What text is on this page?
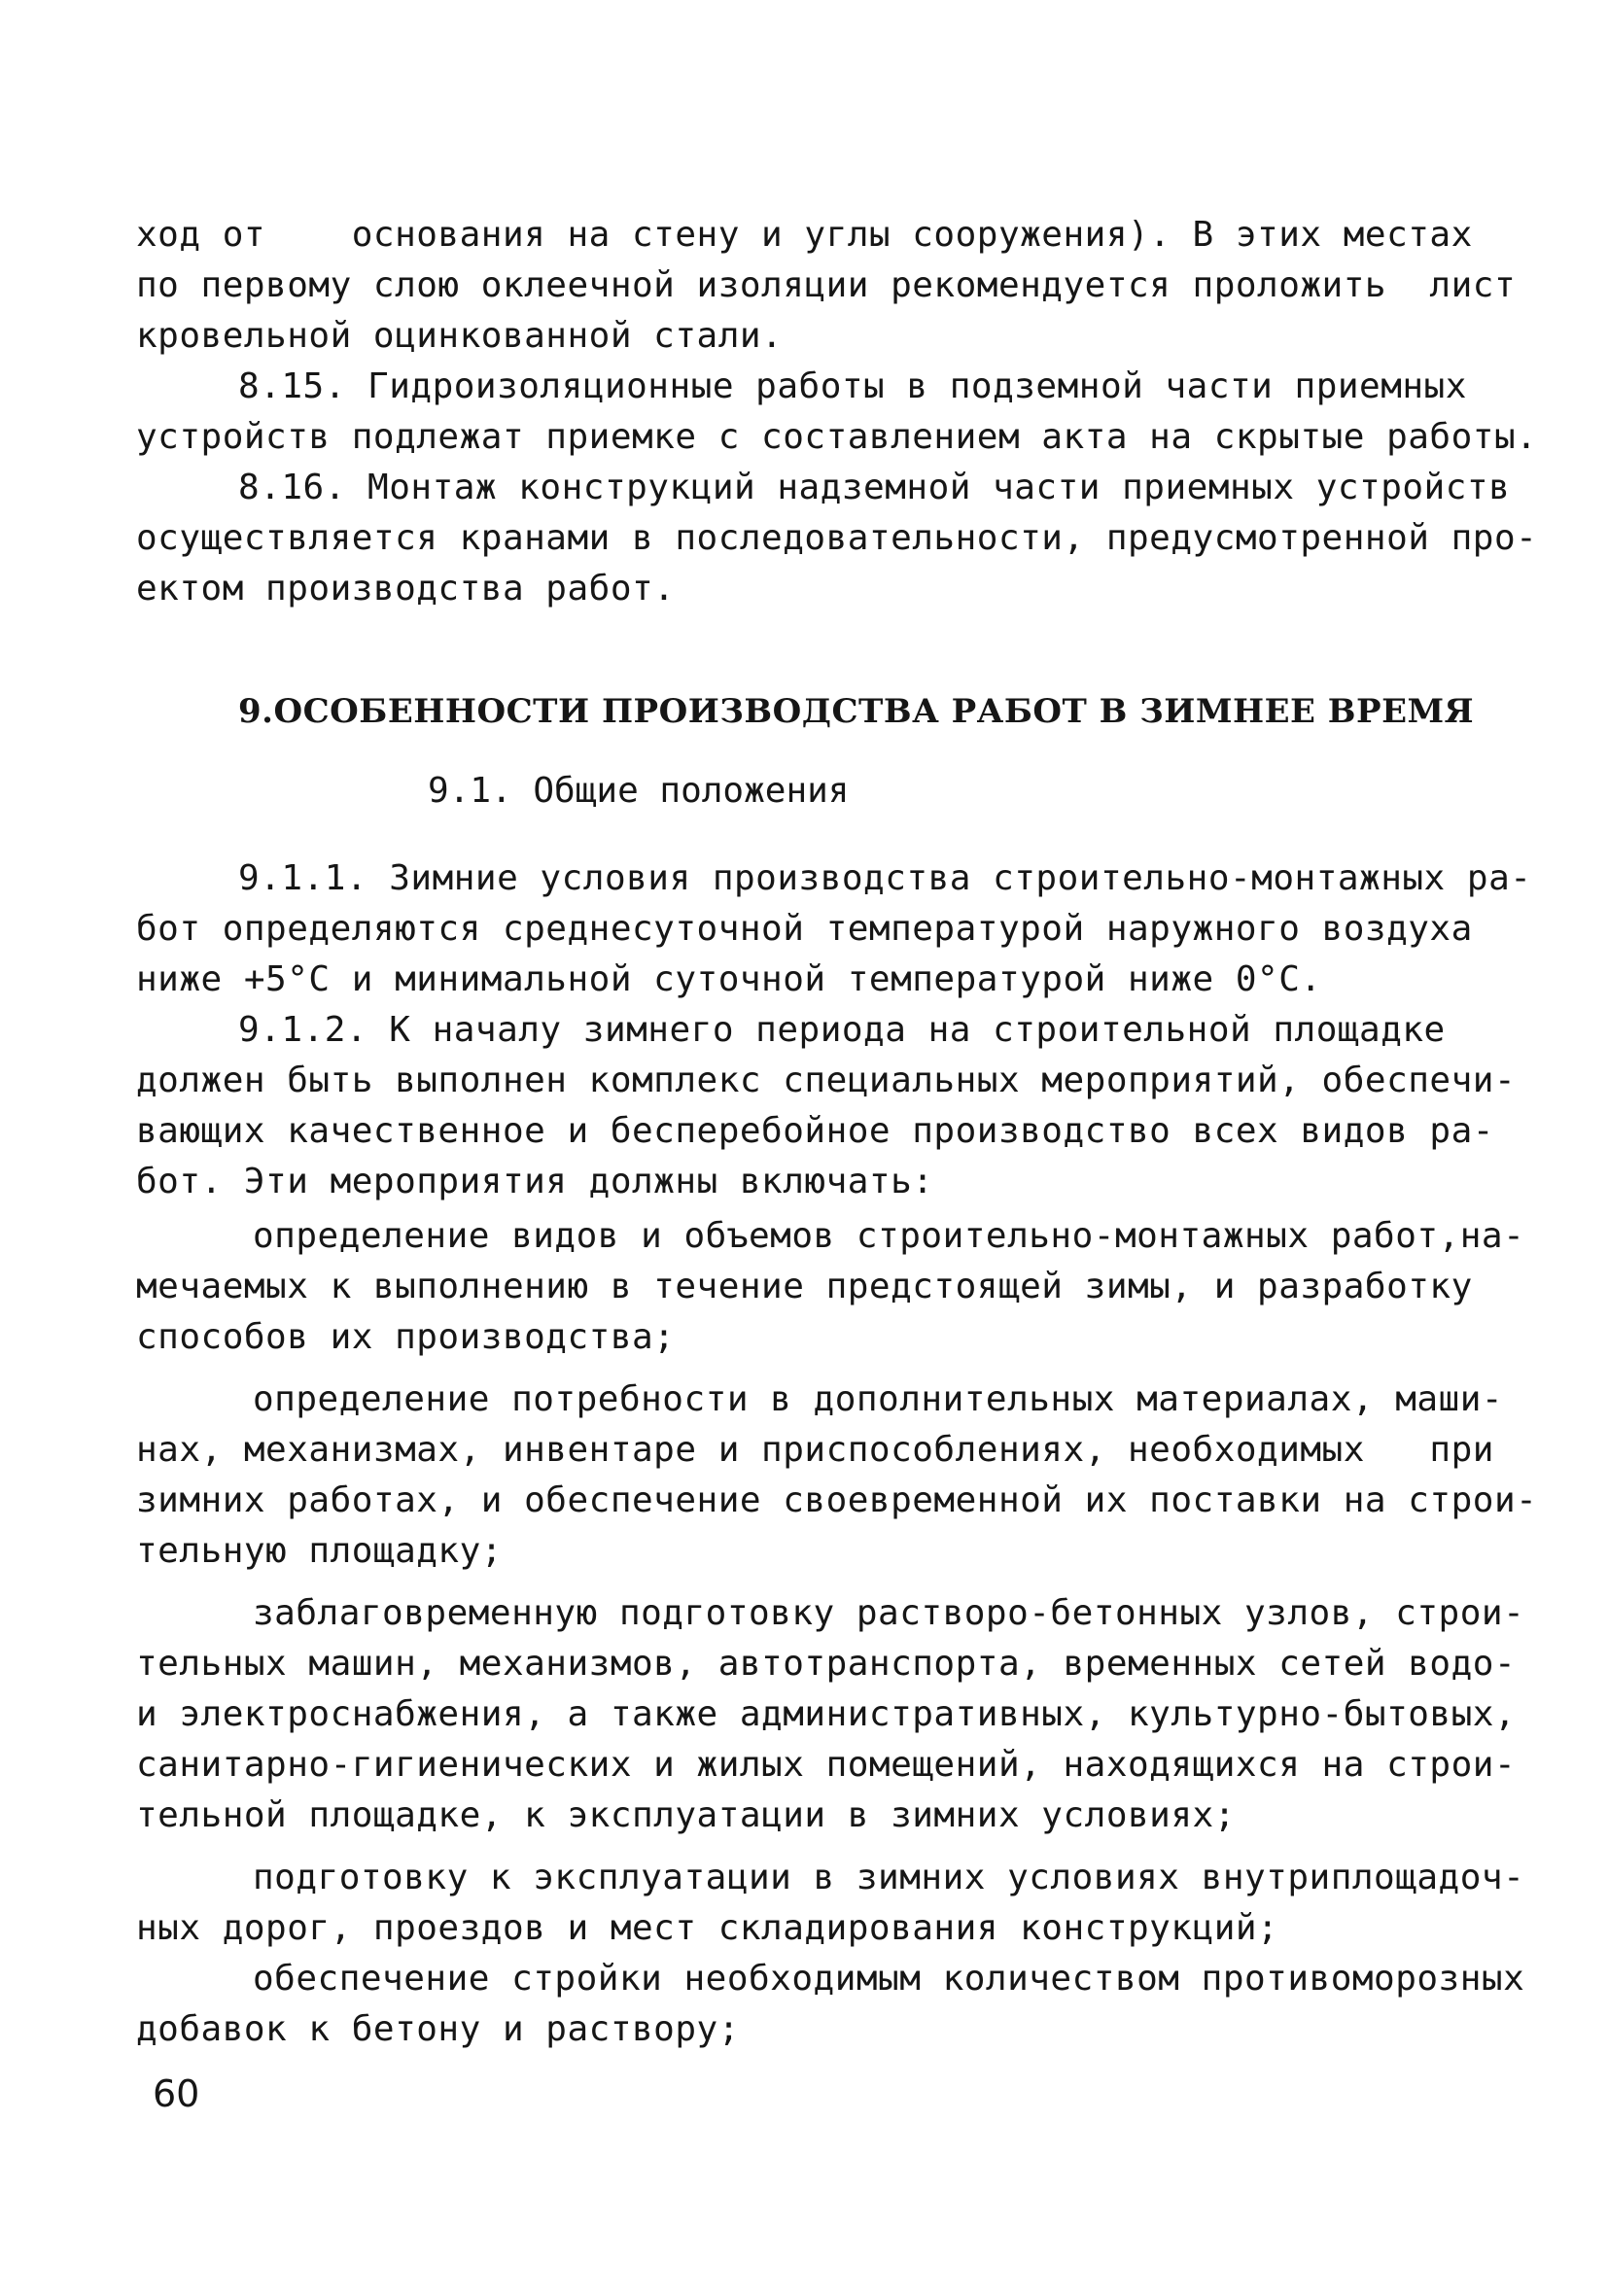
ход от    основания на стену и углы сооружения). В этих местах
по первому слою оклеечной изоляции рекомендуется проложить  лист
кровельной оцинкованной стали.
8.15. Гидроизоляционные работы в подземной части приемных
устройств подлежат приемке с составлением акта на скрытые работы.
8.16. Монтаж конструкций надземной части приемных устройств
осуществляется кранами в последовательности, предусмотренной про-
ектом производства работ.
9.ОСОБЕННОСТИ ПРОИЗВОДСТВА РАБОТ В ЗИМНЕЕ ВРЕМЯ
9.1. Общие положения
9.1.1. Зимние условия производства строительно-монтажных ра-
бот определяются среднесуточной температурой наружного воздуха
ниже +5°С и минимальной суточной температурой ниже 0°С.
9.1.2. К началу зимнего периода на строительной площадке
должен быть выполнен комплекс специальных мероприятий, обеспечи-
вающих качественное и бесперебойное производство всех видов ра-
бот. Эти мероприятия должны включать:
определение видов и объемов строительно-монтажных работ,на-
мечаемых к выполнению в течение предстоящей зимы, и разработку
способов их производства;
определение потребности в дополнительных материалах, маши-
нах, механизмах, инвентаре и приспособлениях, необходимых   при
зимних работах, и обеспечение своевременной их поставки на строи-
тельную площадку;
заблаговременную подготовку растворо-бетонных узлов, строи-
тельных машин, механизмов, автотранспорта, временных сетей водо-
и электроснабжения, а также административных, культурно-бытовых,
санитарно-гигиенических и жилых помещений, находящихся на строи-
тельной площадке, к эксплуатации в зимних условиях;
подготовку к эксплуатации в зимних условиях внутриплощадоч-
ных дорог, проездов и мест складирования конструкций;
обеспечение стройки необходимым количеством противоморозных
добавок к бетону и раствору;
60
